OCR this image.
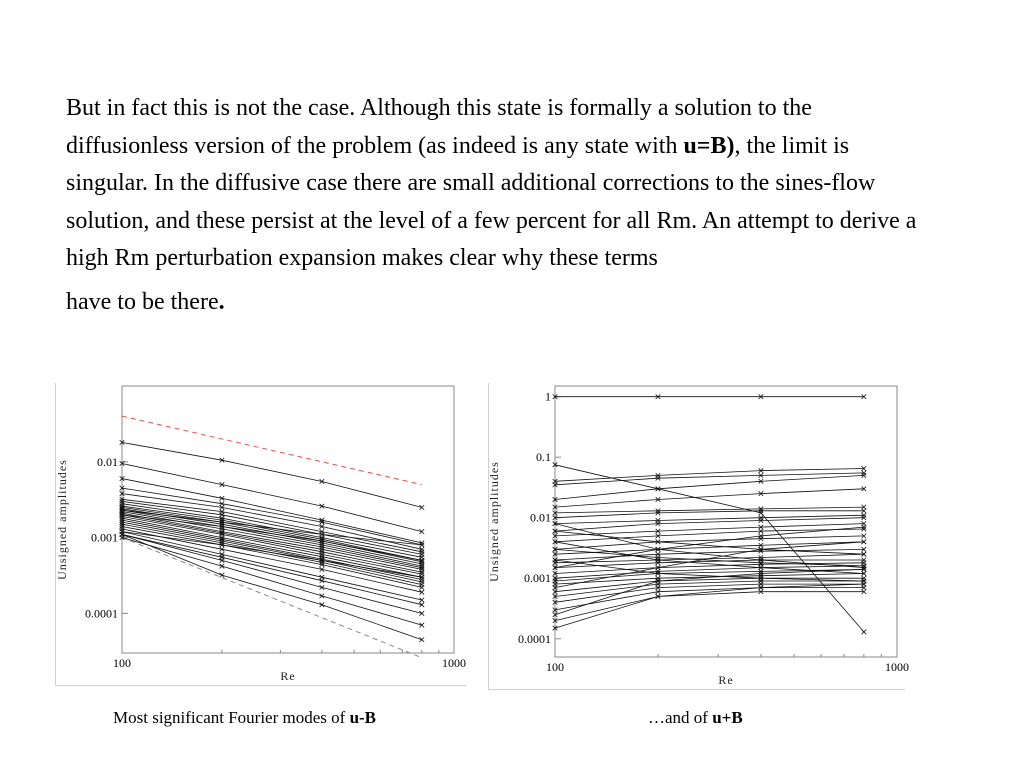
But in fact this is not the case. Although this state is formally a solution to the diffusionless version of the problem (as indeed is any state with u=B), the limit is singular. In the diffusive case there are small additional corrections to the sines-flow solution, and these persist at the level of a few percent for all Rm. An attempt to derive a high Rm perturbation expansion makes clear why these terms

have to be there.

100	1000
0.0001
0.001
0.01
Re
Unsigned amplitudes
100	1000
0.0001
0.001
0.01
0.1
1
Re
Unsigned amplitudes
Most significant Fourier modes of u-B	…and of u+B
